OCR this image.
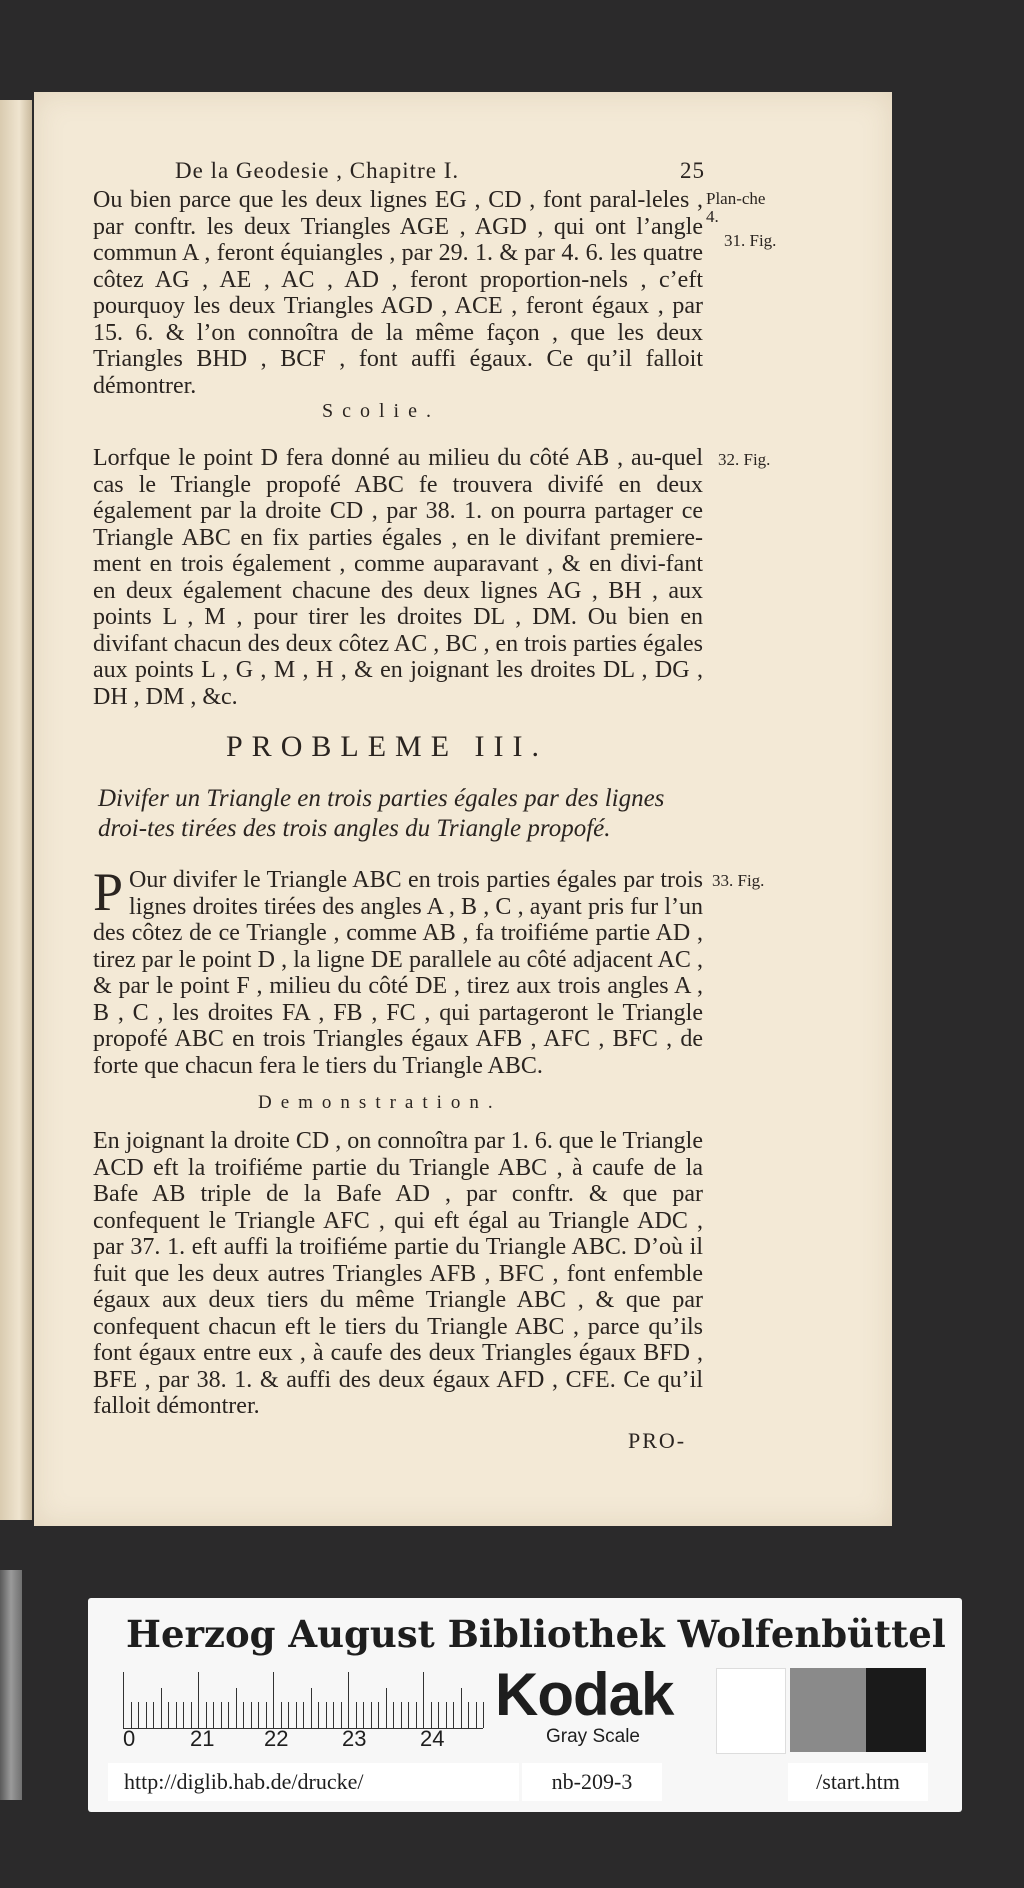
De la Geodesie , Chapitre I.	25
Plan-che 4.
31. Fig.
Ou bien parce que les deux lignes EG , CD , font paral-leles , par conftr. les deux Triangles AGE , AGD , qui ont l’angle commun A , feront équiangles , par 29. 1. & par 4. 6. les quatre côtez AG , AE , AC , AD , feront proportion-nels , c’eft pourquoy les deux Triangles AGD , ACE , feront égaux , par 15. 6. & l’on connoîtra de la même façon , que les deux Triangles BHD , BCF , font auffi égaux. Ce qu’il falloit démontrer.
Scolie.
32. Fig.
Lorfque le point D fera donné au milieu du côté AB , au-quel cas le Triangle propofé ABC fe trouvera divifé en deux également par la droite CD , par 38. 1. on pourra partager ce Triangle ABC en fix parties égales , en le divifant premiere-ment en trois également , comme auparavant , & en divi-fant en deux également chacune des deux lignes AG , BH , aux points L , M , pour tirer les droites DL , DM. Ou bien en divifant chacun des deux côtez AC , BC , en trois parties égales aux points L , G , M , H , & en joignant les droites DL , DG , DH , DM , &c.
PROBLEME III.
Divifer un Triangle en trois parties égales par des lignes droi-tes tirées des trois angles du Triangle propofé.
33. Fig.
P Our divifer le Triangle ABC en trois parties égales par trois lignes droites tirées des angles A , B , C , ayant pris fur l’un des côtez de ce Triangle , comme AB , fa troifiéme partie AD , tirez par le point D , la ligne DE parallele au côté adjacent AC , & par le point F , milieu du côté DE , tirez aux trois angles A , B , C , les droites FA , FB , FC , qui partageront le Triangle propofé ABC en trois Triangles égaux AFB , AFC , BFC , de forte que chacun fera le tiers du Triangle ABC.
Demonstration.
En joignant la droite CD , on connoîtra par 1. 6. que le Triangle ACD eft la troifiéme partie du Triangle ABC , à caufe de la Bafe AB triple de la Bafe AD , par conftr. & que par confequent le Triangle AFC , qui eft égal au Triangle ADC , par 37. 1. eft auffi la troifiéme partie du Triangle ABC. D’où il fuit que les deux autres Triangles AFB , BFC , font enfemble égaux aux deux tiers du même Triangle ABC , & que par confequent chacun eft le tiers du Triangle ABC , parce qu’ils font égaux entre eux , à caufe des deux Triangles égaux BFD , BFE , par 38. 1. & auffi des deux égaux AFD , CFE. Ce qu’il falloit démontrer.
PRO-
Herzog August Bibliothek Wolfenbüttel
0 21 22 23 24
Kodak
Gray Scale
http://diglib.hab.de/drucke/	nb-209-3	/start.htm
